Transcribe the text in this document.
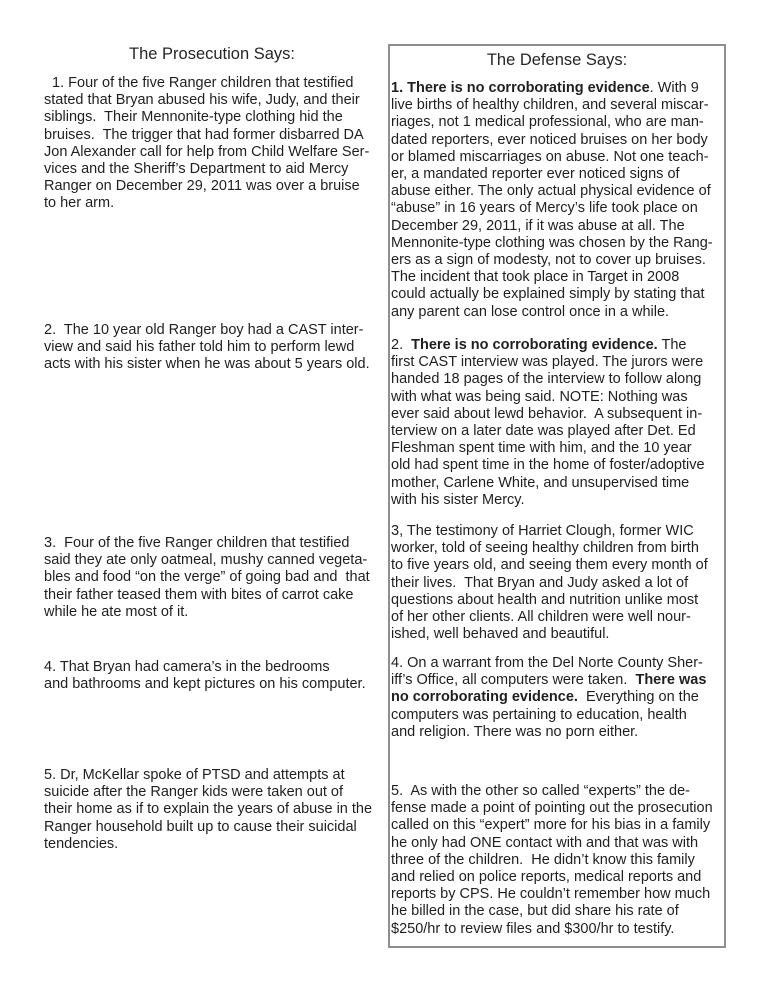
The Prosecution Says:
1. Four of the five Ranger children that testified
stated that Bryan abused his wife, Judy, and their
siblings.  Their Mennonite-type clothing hid the
bruises.  The trigger that had former disbarred DA
Jon Alexander call for help from Child Welfare Ser-
vices and the Sheriff’s Department to aid Mercy
Ranger on December 29, 2011 was over a bruise
to her arm.
2.  The 10 year old Ranger boy had a CAST inter-
view and said his father told him to perform lewd
acts with his sister when he was about 5 years old.
3.  Four of the five Ranger children that testified
said they ate only oatmeal, mushy canned vegeta-
bles and food “on the verge” of going bad and  that
their father teased them with bites of carrot cake
while he ate most of it.
4. That Bryan had camera’s in the bedrooms
and bathrooms and kept pictures on his computer.
5. Dr, McKellar spoke of PTSD and attempts at
suicide after the Ranger kids were taken out of
their home as if to explain the years of abuse in the
Ranger household built up to cause their suicidal
tendencies.
The Defense Says:
1. There is no corroborating evidence. With 9
live births of healthy children, and several miscar-
riages, not 1 medical professional, who are man-
dated reporters, ever noticed bruises on her body
or blamed miscarriages on abuse. Not one teach-
er, a mandated reporter ever noticed signs of
abuse either. The only actual physical evidence of
“abuse” in 16 years of Mercy’s life took place on
December 29, 2011, if it was abuse at all. The
Mennonite-type clothing was chosen by the Rang-
ers as a sign of modesty, not to cover up bruises.
The incident that took place in Target in 2008
could actually be explained simply by stating that
any parent can lose control once in a while.
2.  There is no corroborating evidence. The
first CAST interview was played. The jurors were
handed 18 pages of the interview to follow along
with what was being said. NOTE: Nothing was
ever said about lewd behavior.  A subsequent in-
terview on a later date was played after Det. Ed
Fleshman spent time with him, and the 10 year
old had spent time in the home of foster/adoptive
mother, Carlene White, and unsupervised time
with his sister Mercy.
3, The testimony of Harriet Clough, former WIC
worker, told of seeing healthy children from birth
to five years old, and seeing them every month of
their lives.  That Bryan and Judy asked a lot of
questions about health and nutrition unlike most
of her other clients. All children were well nour-
ished, well behaved and beautiful.
4. On a warrant from the Del Norte County Sher-
iff’s Office, all computers were taken.  There was
no corroborating evidence.  Everything on the
computers was pertaining to education, health
and religion. There was no porn either.
5.  As with the other so called “experts” the de-
fense made a point of pointing out the prosecution
called on this “expert” more for his bias in a family
he only had ONE contact with and that was with
three of the children.  He didn’t know this family
and relied on police reports, medical reports and
reports by CPS. He couldn’t remember how much
he billed in the case, but did share his rate of
$250/hr to review files and $300/hr to testify.
